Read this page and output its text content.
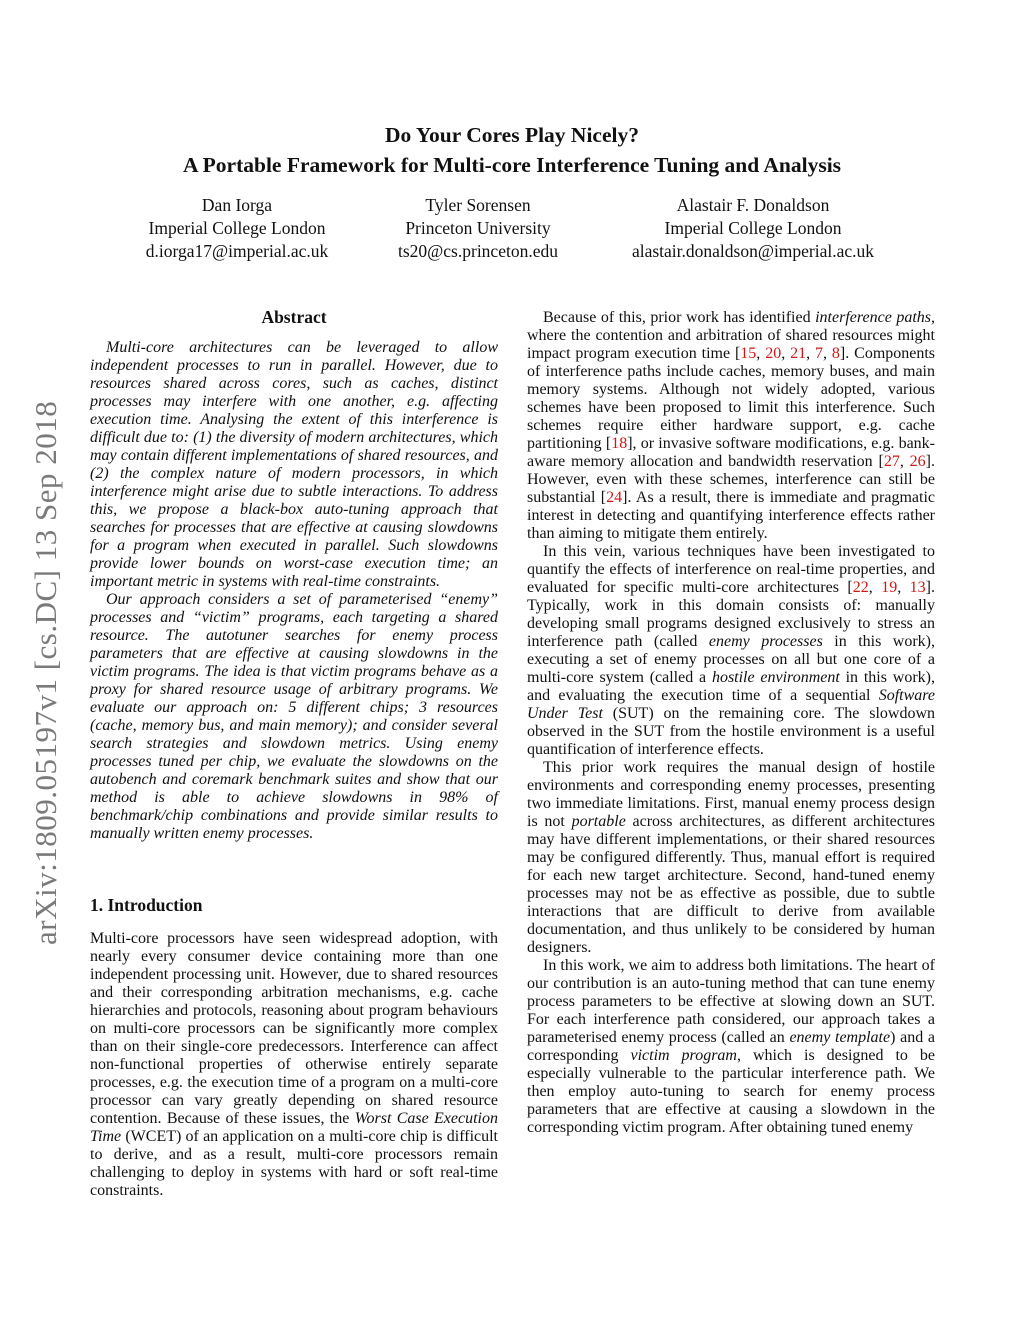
Do Your Cores Play Nicely?
A Portable Framework for Multi-core Interference Tuning and Analysis
Dan Iorga
Imperial College London
d.iorga17@imperial.ac.uk
Tyler Sorensen
Princeton University
ts20@cs.princeton.edu
Alastair F. Donaldson
Imperial College London
alastair.donaldson@imperial.ac.uk
arXiv:1809.05197v1 [cs.DC] 13 Sep 2018
Abstract

Multi-core architectures can be leveraged to allow independent processes to run in parallel. However, due to resources shared across cores, such as caches, distinct processes may interfere with one another, e.g. affecting execution time. Analysing the extent of this interference is difficult due to: (1) the diversity of modern architectures, which may contain different implementations of shared resources, and (2) the complex nature of modern processors, in which interference might arise due to subtle interactions. To address this, we propose a black-box auto-tuning approach that searches for processes that are effective at causing slowdowns for a program when executed in parallel. Such slowdowns provide lower bounds on worst-case execution time; an important metric in systems with real-time constraints.

Our approach considers a set of parameterised “enemy” processes and “victim” programs, each targeting a shared resource. The autotuner searches for enemy process parameters that are effective at causing slowdowns in the victim programs. The idea is that victim programs behave as a proxy for shared resource usage of arbitrary programs. We evaluate our approach on: 5 different chips; 3 resources (cache, memory bus, and main memory); and consider several search strategies and slowdown metrics. Using enemy processes tuned per chip, we evaluate the slowdowns on the autobench and coremark benchmark suites and show that our method is able to achieve slowdowns in 98% of benchmark/chip combinations and provide similar results to manually written enemy processes.

1. Introduction

Multi-core processors have seen widespread adoption, with nearly every consumer device containing more than one independent processing unit. However, due to shared resources and their corresponding arbitration mechanisms, e.g. cache hierarchies and protocols, reasoning about program behaviours on multi-core processors can be significantly more complex than on their single-core predecessors. Interference can affect non-functional properties of otherwise entirely separate processes, e.g. the execution time of a program on a multi-core processor can vary greatly depending on shared resource contention. Because of these issues, the Worst Case Execution Time (WCET) of an application on a multi-core chip is difficult to derive, and as a result, multi-core processors remain challenging to deploy in systems with hard or soft real-time constraints.

Because of this, prior work has identified interference paths, where the contention and arbitration of shared resources might impact program execution time [15, 20, 21, 7, 8]. Components of interference paths include caches, memory buses, and main memory systems. Although not widely adopted, various schemes have been proposed to limit this interference. Such schemes require either hardware support, e.g. cache partitioning [18], or invasive software modifications, e.g. bank-aware memory allocation and bandwidth reservation [27, 26]. However, even with these schemes, interference can still be substantial [24]. As a result, there is immediate and pragmatic interest in detecting and quantifying interference effects rather than aiming to mitigate them entirely.

In this vein, various techniques have been investigated to quantify the effects of interference on real-time properties, and evaluated for specific multi-core architectures [22, 19, 13]. Typically, work in this domain consists of: manually developing small programs designed exclusively to stress an interference path (called enemy processes in this work), executing a set of enemy processes on all but one core of a multi-core system (called a hostile environment in this work), and evaluating the execution time of a sequential Software Under Test (SUT) on the remaining core. The slowdown observed in the SUT from the hostile environment is a useful quantification of interference effects.

This prior work requires the manual design of hostile environments and corresponding enemy processes, presenting two immediate limitations. First, manual enemy process design is not portable across architectures, as different architectures may have different implementations, or their shared resources may be configured differently. Thus, manual effort is required for each new target architecture. Second, hand-tuned enemy processes may not be as effective as possible, due to subtle interactions that are difficult to derive from available documentation, and thus unlikely to be considered by human designers.

In this work, we aim to address both limitations. The heart of our contribution is an auto-tuning method that can tune enemy process parameters to be effective at slowing down an SUT. For each interference path considered, our approach takes a parameterised enemy process (called an enemy template) and a corresponding victim program, which is designed to be especially vulnerable to the particular interference path. We then employ auto-tuning to search for enemy process parameters that are effective at causing a slowdown in the corresponding victim program. After obtaining tuned enemy
